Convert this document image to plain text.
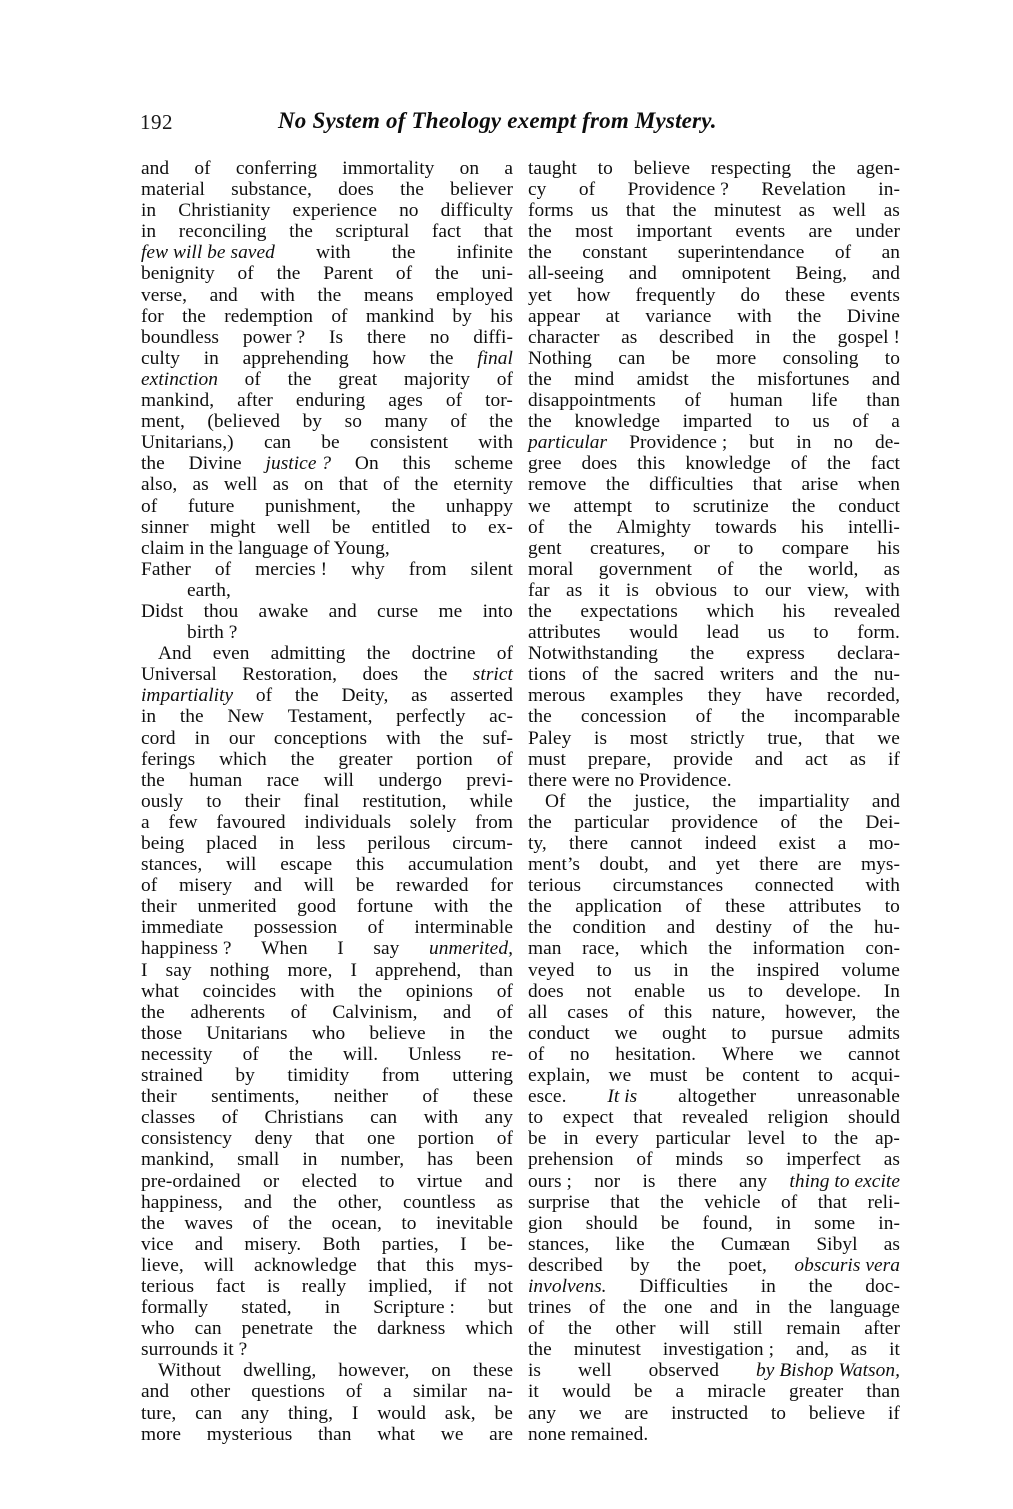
192	No System of Theology exempt from Mystery.
and of conferring immortality on a
material substance, does the believer
in Christianity experience no difficulty
in reconciling the scriptural fact that
few will be saved with the infinite
benignity of the Parent of the uni-
verse, and with the means employed
for the redemption of mankind by his
boundless power ? Is there no diffi-
culty in apprehending how the final
extinction of the great majority of
mankind, after enduring ages of tor-
ment, (believed by so many of the
Unitarians,) can be consistent with
the Divine justice ? On this scheme
also, as well as on that of the eternity
of future punishment, the unhappy
sinner might well be entitled to ex-
claim in the language of Young,
Father of mercies ! why from silent
earth,
Didst thou awake and curse me into
birth ?
And even admitting the doctrine of
Universal Restoration, does the strict
impartiality of the Deity, as asserted
in the New Testament, perfectly ac-
cord in our conceptions with the suf-
ferings which the greater portion of
the human race will undergo previ-
ously to their final restitution, while
a few favoured individuals solely from
being placed in less perilous circum-
stances, will escape this accumulation
of misery and will be rewarded for
their unmerited good fortune with the
immediate possession of interminable
happiness ? When I say unmerited,
I say nothing more, I apprehend, than
what coincides with the opinions of
the adherents of Calvinism, and of
those Unitarians who believe in the
necessity of the will. Unless re-
strained by timidity from uttering
their sentiments, neither of these
classes of Christians can with any
consistency deny that one portion of
mankind, small in number, has been
pre-ordained or elected to virtue and
happiness, and the other, countless as
the waves of the ocean, to inevitable
vice and misery. Both parties, I be-
lieve, will acknowledge that this mys-
terious fact is really implied, if not
formally stated, in Scripture : but
who can penetrate the darkness which
surrounds it ?
Without dwelling, however, on these
and other questions of a similar na-
ture, can any thing, I would ask, be
more mysterious than what we are
taught to believe respecting the agen-
cy of Providence ? Revelation in-
forms us that the minutest as well as
the most important events are under
the constant superintendance of an
all-seeing and omnipotent Being, and
yet how frequently do these events
appear at variance with the Divine
character as described in the gospel !
Nothing can be more consoling to
the mind amidst the misfortunes and
disappointments of human life than
the knowledge imparted to us of a
particular Providence ; but in no de-
gree does this knowledge of the fact
remove the difficulties that arise when
we attempt to scrutinize the conduct
of the Almighty towards his intelli-
gent creatures, or to compare his
moral government of the world, as
far as it is obvious to our view, with
the expectations which his revealed
attributes would lead us to form.
Notwithstanding the express declara-
tions of the sacred writers and the nu-
merous examples they have recorded,
the concession of the incomparable
Paley is most strictly true, that we
must prepare, provide and act as if
there were no Providence.
Of the justice, the impartiality and
the particular providence of the Dei-
ty, there cannot indeed exist a mo-
ment’s doubt, and yet there are mys-
terious circumstances connected with
the application of these attributes to
the condition and destiny of the hu-
man race, which the information con-
veyed to us in the inspired volume
does not enable us to develope. In
all cases of this nature, however, the
conduct we ought to pursue admits
of no hesitation. Where we cannot
explain, we must be content to acqui-
esce. It is altogether unreasonable
to expect that revealed religion should
be in every particular level to the ap-
prehension of minds so imperfect as
ours ; nor is there any thing to excite
surprise that the vehicle of that reli-
gion should be found, in some in-
stances, like the Cumæan Sibyl as
described by the poet, obscuris vera
involvens. Difficulties in the doc-
trines of the one and in the language
of the other will still remain after
the minutest investigation ; and, as it
is well observed by Bishop Watson,
it would be a miracle greater than
any we are instructed to believe if
none remained.
